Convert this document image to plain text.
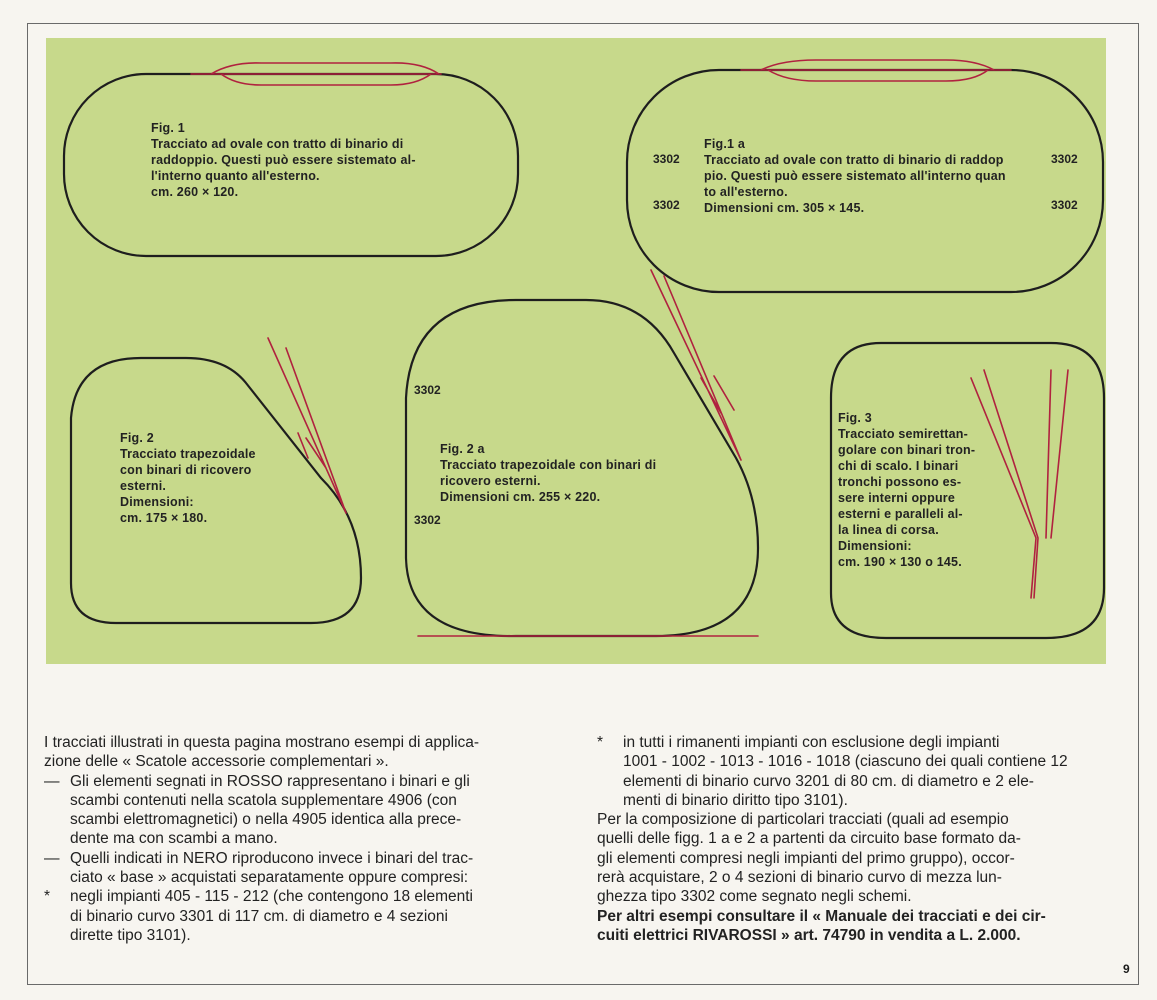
Fig. 1
Tracciato ad ovale con tratto di binario di
raddoppio. Questi può essere sistemato al-
l'interno quanto all'esterno.
cm. 260 × 120.
Fig.1 a
Tracciato ad ovale con tratto di binario di raddop
pio. Questi può essere sistemato all'interno quan
to all'esterno.
Dimensioni cm. 305 × 145.
3302
3302
3302
3302
Fig. 2
Tracciato trapezoidale
con binari di ricovero
esterni.
Dimensioni:
cm. 175 × 180.
Fig. 2 a
Tracciato trapezoidale con binari di
ricovero esterni.
Dimensioni cm. 255 × 220.
3302
3302
Fig. 3
Tracciato semirettan-
golare con binari tron-
chi di scalo. I binari
tronchi possono es-
sere interni oppure
esterni e paralleli al-
la linea di corsa.
Dimensioni:
cm. 190 × 130 o 145.
I tracciati illustrati in questa pagina mostrano esempi di applica-
zione delle « Scatole accessorie complementari ».
— Gli elementi segnati in ROSSO rappresentano i binari e gli
scambi contenuti nella scatola supplementare 4906 (con
scambi elettromagnetici) o nella 4905 identica alla prece-
dente ma con scambi a mano.
— Quelli indicati in NERO riproducono invece i binari del trac-
ciato « base » acquistati separatamente oppure compresi:
* negli impianti 405 - 115 - 212 (che contengono 18 elementi
di binario curvo 3301 di 117 cm. di diametro e 4 sezioni
dirette tipo 3101).
* in tutti i rimanenti impianti con esclusione degli impianti
1001 - 1002 - 1013 - 1016 - 1018 (ciascuno dei quali contiene 12
elementi di binario curvo 3201 di 80 cm. di diametro e 2 ele-
menti di binario diritto tipo 3101).
Per la composizione di particolari tracciati (quali ad esempio
quelli delle figg. 1 a e 2 a partenti da circuito base formato da-
gli elementi compresi negli impianti del primo gruppo), occor-
rerà acquistare, 2 o 4 sezioni di binario curvo di mezza lun-
ghezza tipo 3302 come segnato negli schemi.
Per altri esempi consultare il « Manuale dei tracciati e dei cir-
cuiti elettrici RIVAROSSI » art. 74790 in vendita a L. 2.000.
9
